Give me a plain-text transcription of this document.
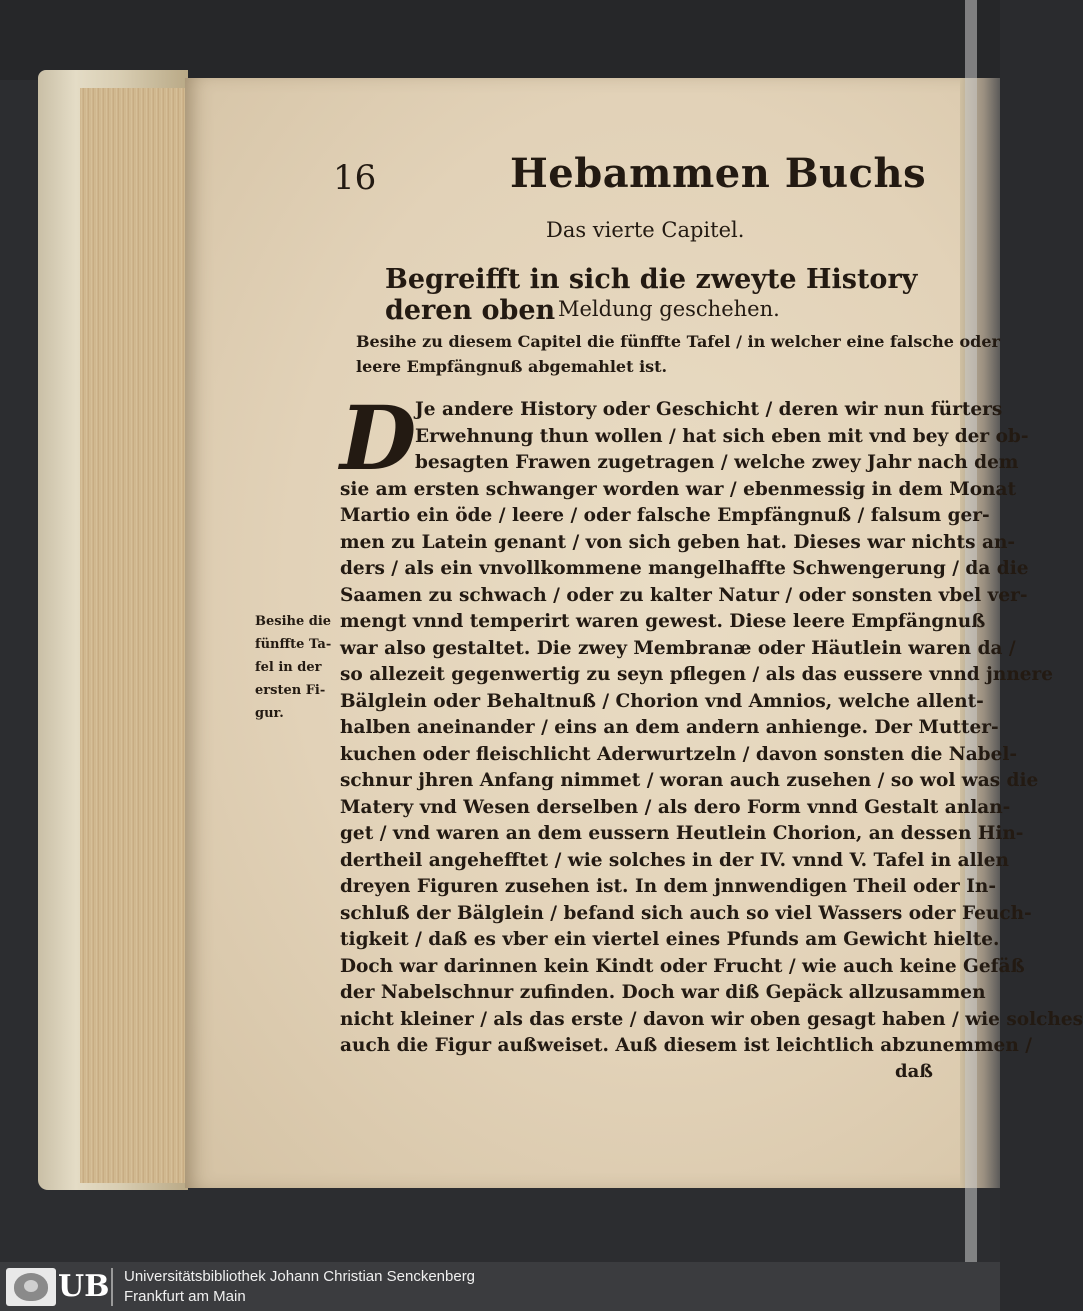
16	Hebammen Buchs
Das vierte Capitel.
Begreifft in sich die zweyte History deren oben Meldung geschehen.
Besihe zu diesem Capitel die fünffte Tafel / in welcher eine falsche oder
leere Empfängnuß abgemahlet ist.
D
Je andere History oder Geschicht / deren wir nun fürters
Erwehnung thun wollen / hat sich eben mit vnd bey der ob-
besagten Frawen zugetragen / welche zwey Jahr nach dem
sie am ersten schwanger worden war / ebenmessig in dem Monat
Martio ein öde / leere / oder falsche Empfängnuß / falsum ger-
men zu Latein genant / von sich geben hat. Dieses war nichts an-
ders / als ein vnvollkommene mangelhaffte Schwengerung / da die
Saamen zu schwach / oder zu kalter Natur / oder sonsten vbel ver-
mengt vnnd temperirt waren gewest. Diese leere Empfängnuß
war also gestaltet. Die zwey Membranæ oder Häutlein waren da /
so allezeit gegenwertig zu seyn pflegen / als das eussere vnnd jnnere
Bälglein oder Behaltnuß / Chorion vnd Amnios, welche allent-
halben aneinander / eins an dem andern anhienge. Der Mutter-
kuchen oder fleischlicht Aderwurtzeln / davon sonsten die Nabel-
schnur jhren Anfang nimmet / woran auch zusehen / so wol was die
Matery vnd Wesen derselben / als dero Form vnnd Gestalt anlan-
get / vnd waren an dem eussern Heutlein Chorion, an dessen Hin-
dertheil angehefftet / wie solches in der IV. vnnd V. Tafel in allen
dreyen Figuren zusehen ist. In dem jnnwendigen Theil oder In-
schluß der Bälglein / befand sich auch so viel Wassers oder Feuch-
tigkeit / daß es vber ein viertel eines Pfunds am Gewicht hielte.
Doch war darinnen kein Kindt oder Frucht / wie auch keine Gefäß
der Nabelschnur zufinden. Doch war diß Gepäck allzusammen
nicht kleiner / als das erste / davon wir oben gesagt haben / wie solches
auch die Figur außweiset. Auß diesem ist leichtlich abzunemmen /
daß
Besihe die
fünffte Ta-
fel in der
ersten Fi-
gur.
UB Universitätsbibliothek Johann Christian Senckenberg
Frankfurt am Main
